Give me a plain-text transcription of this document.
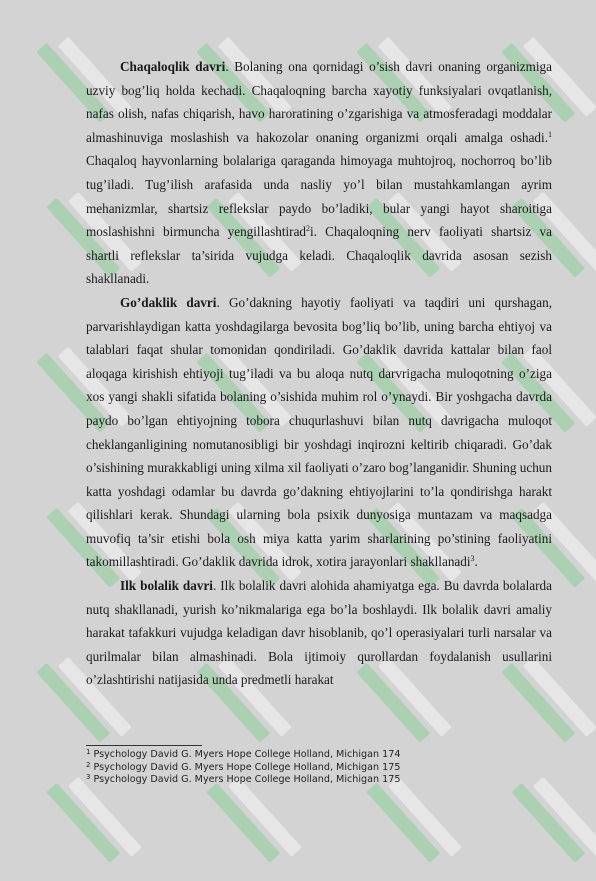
Chaqaloqlik davri. Bolaning ona qornidagi o’sish davri onaning organizmiga uzviy bog’liq holda kechadi. Chaqaloqning barcha xayotiy funksiyalari ovqatlanish, nafas olish, nafas chiqarish, havo haroratining o’zgarishiga va atmosferadagi moddalar almashinuviga moslashish va hakozolar onaning organizmi orqali amalga oshadi.$^1$ Chaqaloq hayvonlarning bolalariga qaraganda himoyaga muhtojroq, nochorroq bo’lib tug’iladi. Tug’ilish arafasida unda nasliy yo’l bilan mustahkamlangan ayrim mehanizmlar, shartsiz reflekslar paydo bo’ladiki, bular yangi hayot sharoitiga moslashishni birmuncha yengillashtirad$^2$i. Chaqaloqning nerv faoliyati shartsiz va shartli reflekslar ta’sirida vujudga keladi. Chaqaloqlik davrida asosan sezish shakllanadi.

Go’daklik davri. Go’dakning hayotiy faoliyati va taqdiri uni qurshagan, parvarishlaydigan katta yoshdagilarga bevosita bog’liq bo’lib, uning barcha ehtiyoj va talablari faqat shular tomonidan qondiriladi. Go’daklik davrida kattalar bilan faol aloqaga kirishish ehtiyoji tug’iladi va bu aloqa nutq darvrigacha muloqotning o’ziga xos yangi shakli sifatida bolaning o’sishida muhim rol o’ynaydi. Bir yoshgacha davrda paydo bo’lgan ehtiyojning tobora chuqurlashuvi bilan nutq davrigacha muloqot cheklanganligining nomutanosibligi bir yoshdagi inqirozni keltirib chiqaradi. Go’dak o’sishining murakkabligi uning xilma xil faoliyati o’zaro bog’langanidir. Shuning uchun katta yoshdagi odamlar bu davrda go’dakning ehtiyojlarini to’la qondirishga harakt qilishlari kerak. Shundagi ularning bola psixik dunyosiga muntazam va maqsadga muvofiq ta’sir etishi bola osh miya katta yarim sharlarining po’stining faoliyatini takomillashtiradi. Go’daklik davrida idrok, xotira jarayonlari shakllanadi$^3$.

Ilk bolalik davri. Ilk bolalik davri alohida ahamiyatga ega. Bu davrda bolalarda nutq shakllanadi, yurish ko’nikmalariga ega bo’la boshlaydi. Ilk bolalik davri amaliy harakat tafakkuri vujudga keladigan davr hisoblanib, qo’l operasiyalari turli narsalar va qurilmalar bilan almashinadi. Bola ijtimoiy qurollardan foydalanish usullarini o’zlashtirishi natijasida unda predmetli harakat

$^1$ Psychology David G. Myers Hope College Holland, Michigan 174
$^2$ Psychology David G. Myers Hope College Holland, Michigan 175
$^3$ Psychology David G. Myers Hope College Holland, Michigan 175
